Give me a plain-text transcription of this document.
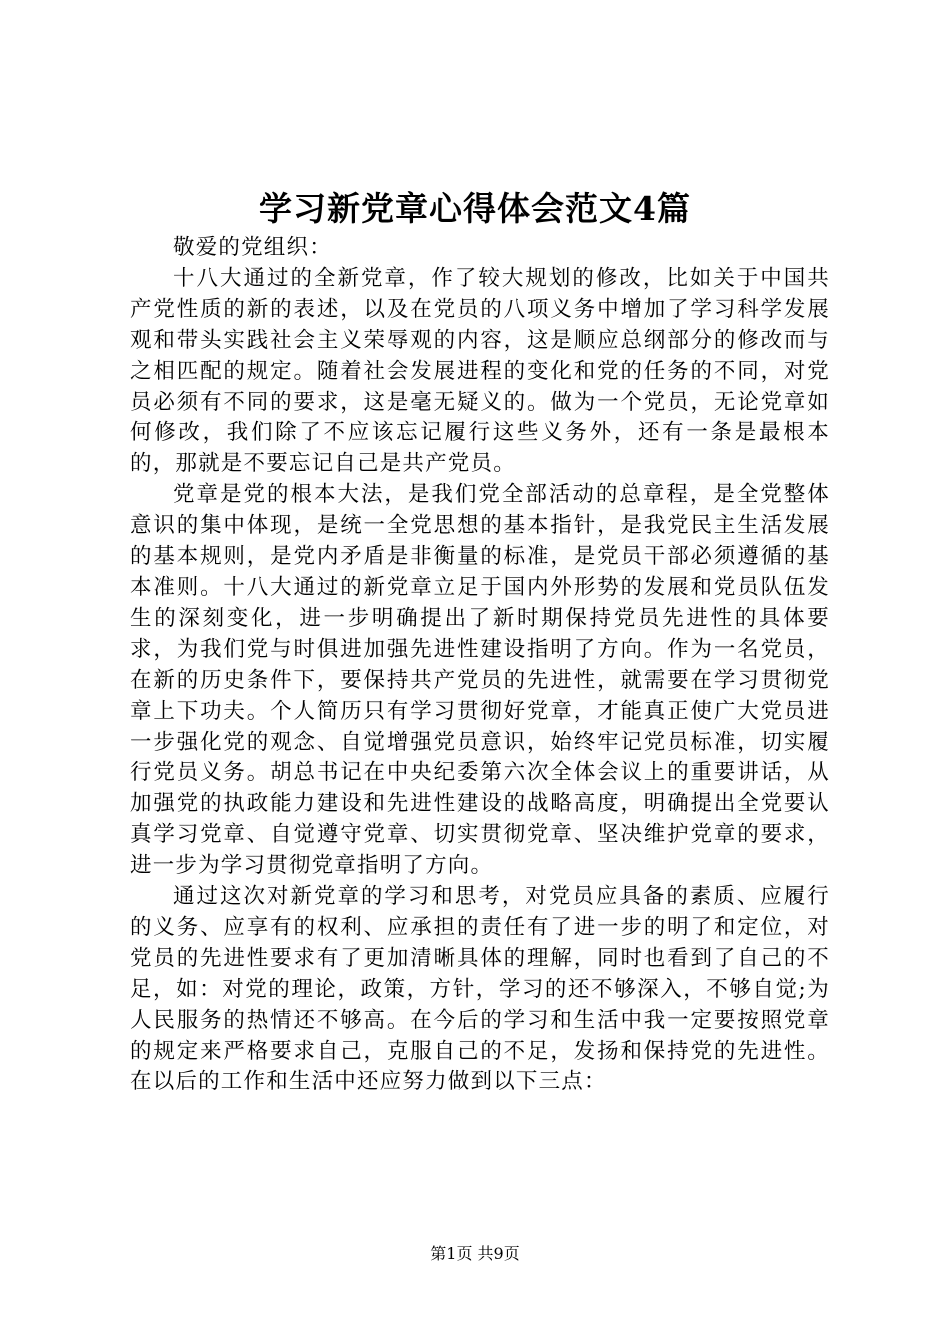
学习新党章心得体会范文4篇

敬爱的党组织：

十八大通过的全新党章，作了较大规划的修改，比如关于中国共产党性质的新的表述，以及在党员的八项义务中增加了学习科学发展观和带头实践社会主义荣辱观的内容，这是顺应总纲部分的修改而与之相匹配的规定。随着社会发展进程的变化和党的任务的不同，对党员必须有不同的要求，这是毫无疑义的。做为一个党员，无论党章如何修改，我们除了不应该忘记履行这些义务外，还有一条是最根本的，那就是不要忘记自己是共产党员。

党章是党的根本大法，是我们党全部活动的总章程，是全党整体意识的集中体现，是统一全党思想的基本指针，是我党民主生活发展的基本规则，是党内矛盾是非衡量的标准，是党员干部必须遵循的基本准则。十八大通过的新党章立足于国内外形势的发展和党员队伍发生的深刻变化，进一步明确提出了新时期保持党员先进性的具体要求，为我们党与时俱进加强先进性建设指明了方向。作为一名党员，在新的历史条件下，要保持共产党员的先进性，就需要在学习贯彻党章上下功夫。个人简历只有学习贯彻好党章，才能真正使广大党员进一步强化党的观念、自觉增强党员意识，始终牢记党员标准，切实履行党员义务。胡总书记在中央纪委第六次全体会议上的重要讲话，从加强党的执政能力建设和先进性建设的战略高度，明确提出全党要认真学习党章、自觉遵守党章、切实贯彻党章、坚决维护党章的要求，进一步为学习贯彻党章指明了方向。

通过这次对新党章的学习和思考，对党员应具备的素质、应履行的义务、应享有的权利、应承担的责任有了进一步的明了和定位，对党员的先进性要求有了更加清晰具体的理解，同时也看到了自己的不足，如：对党的理论，政策，方针，学习的还不够深入，不够自觉;为人民服务的热情还不够高。在今后的学习和生活中我一定要按照党章的规定来严格要求自己，克服自己的不足，发扬和保持党的先进性。在以后的工作和生活中还应努力做到以下三点：

第1页 共9页
